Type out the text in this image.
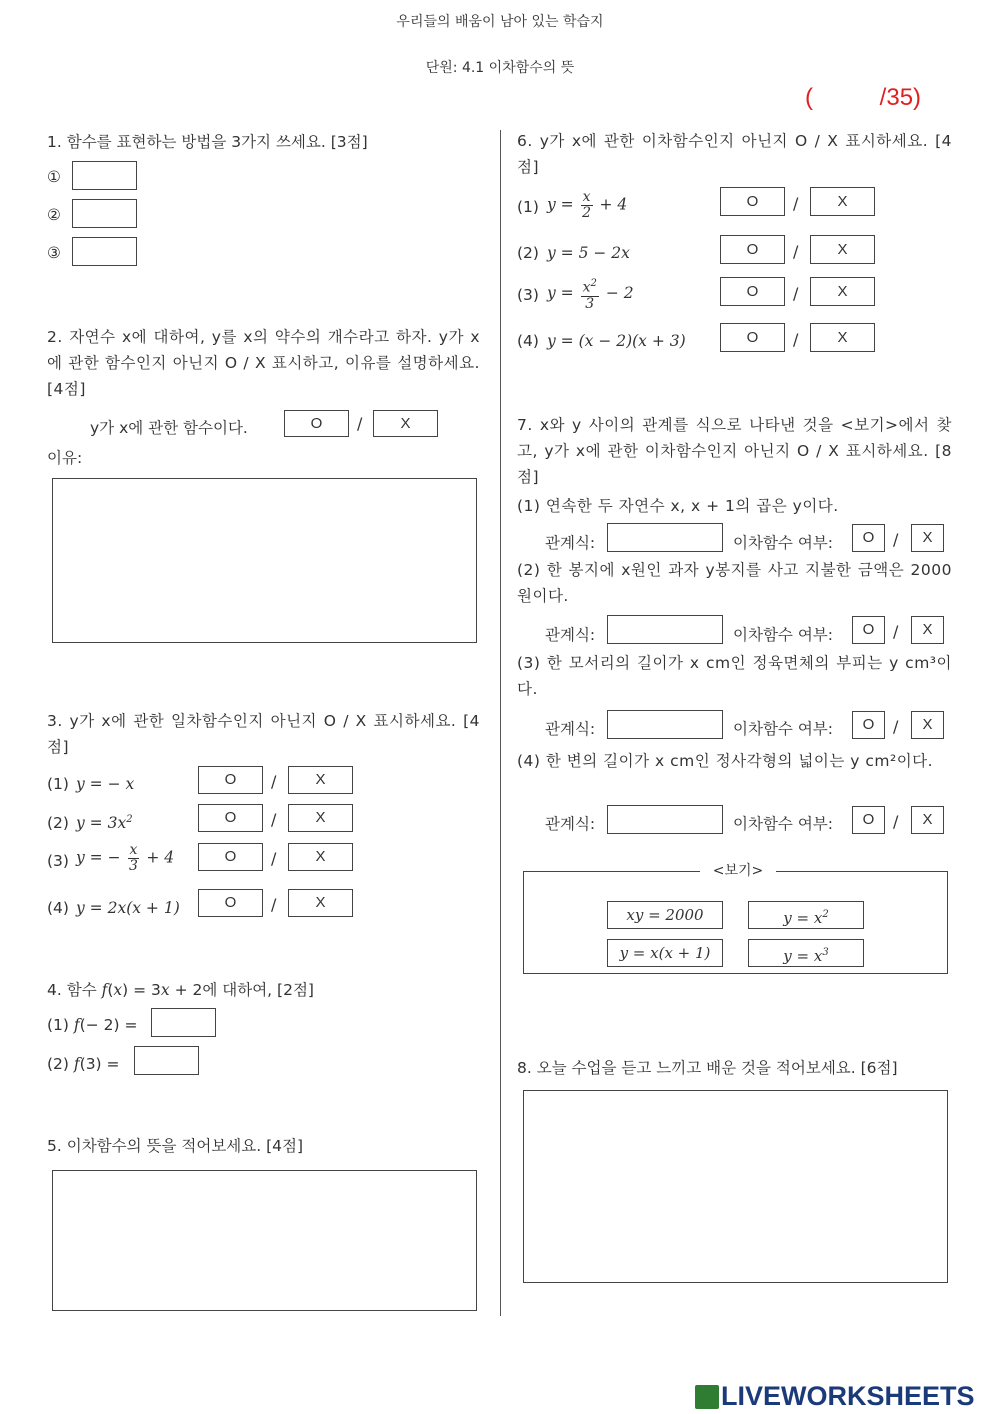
우리들의 배움이 남아 있는 학습지
단원: 4.1 이차함수의 뜻
(          /35)
1. 함수를 표현하는 방법을 3가지 쓰세요. [3점]
①
②
③
2. 자연수 x에 대하여, y를 x의 약수의 개수라고 하자. y가 x에 관한 함수인지 아닌지 O / X 표시하고, 이유를 설명하세요. [4점]
y가 x에 관한 함수이다.	O	/	X
이유:
3. y가 x에 관한 일차함수인지 아닌지 O / X 표시하세요. [4점]
(1) y = − x	O	/	X
(2) $y = 3x^2$	O	/	X
(3) y = − $\frac{x}{3} + 4$	O	/	X
(4) y = 2x(x + 1)	O	/	X
4. 함수 f(x) = 3x + 2에 대하여, [2점]
(1) f(− 2) =
(2) f(3) =
5. 이차함수의 뜻을 적어보세요. [4점]
6. y가 x에 관한 이차함수인지 아닌지 O / X 표시하세요. [4점]
(1) $y = \frac{x}{2} + 4$	O	/	X
(2) y = 5 − 2x	O	/	X
(3) $y = \frac{x^2}{3} - 2$	O	/	X
(4) y = (x − 2)(x + 3)	O	/	X
7. x와 y 사이의 관계를 식으로 나타낸 것을 <보기>에서 찾고, y가 x에 관한 이차함수인지 아닌지 O / X 표시하세요. [8점]
(1) 연속한 두 자연수 x, x + 1의 곱은 y이다.
관계식:	이차함수 여부:	O	/	X
(2) 한 봉지에 x원인 과자 y봉지를 사고 지불한 금액은 2000원이다.
관계식:	이차함수 여부:	O	/	X
(3) 한 모서리의 길이가 x cm인 정육면체의 부피는 y cm³이다.
관계식:	이차함수 여부:	O	/	X
(4) 한 변의 길이가 x cm인 정사각형의 넓이는 y cm²이다.
관계식:	이차함수 여부:	O	/	X
<보기>
xy = 2000	$y = x^2$
y = x(x + 1)	$y = x^3$
8. 오늘 수업을 듣고 느끼고 배운 것을 적어보세요. [6점]
LIVEWORKSHEETS
